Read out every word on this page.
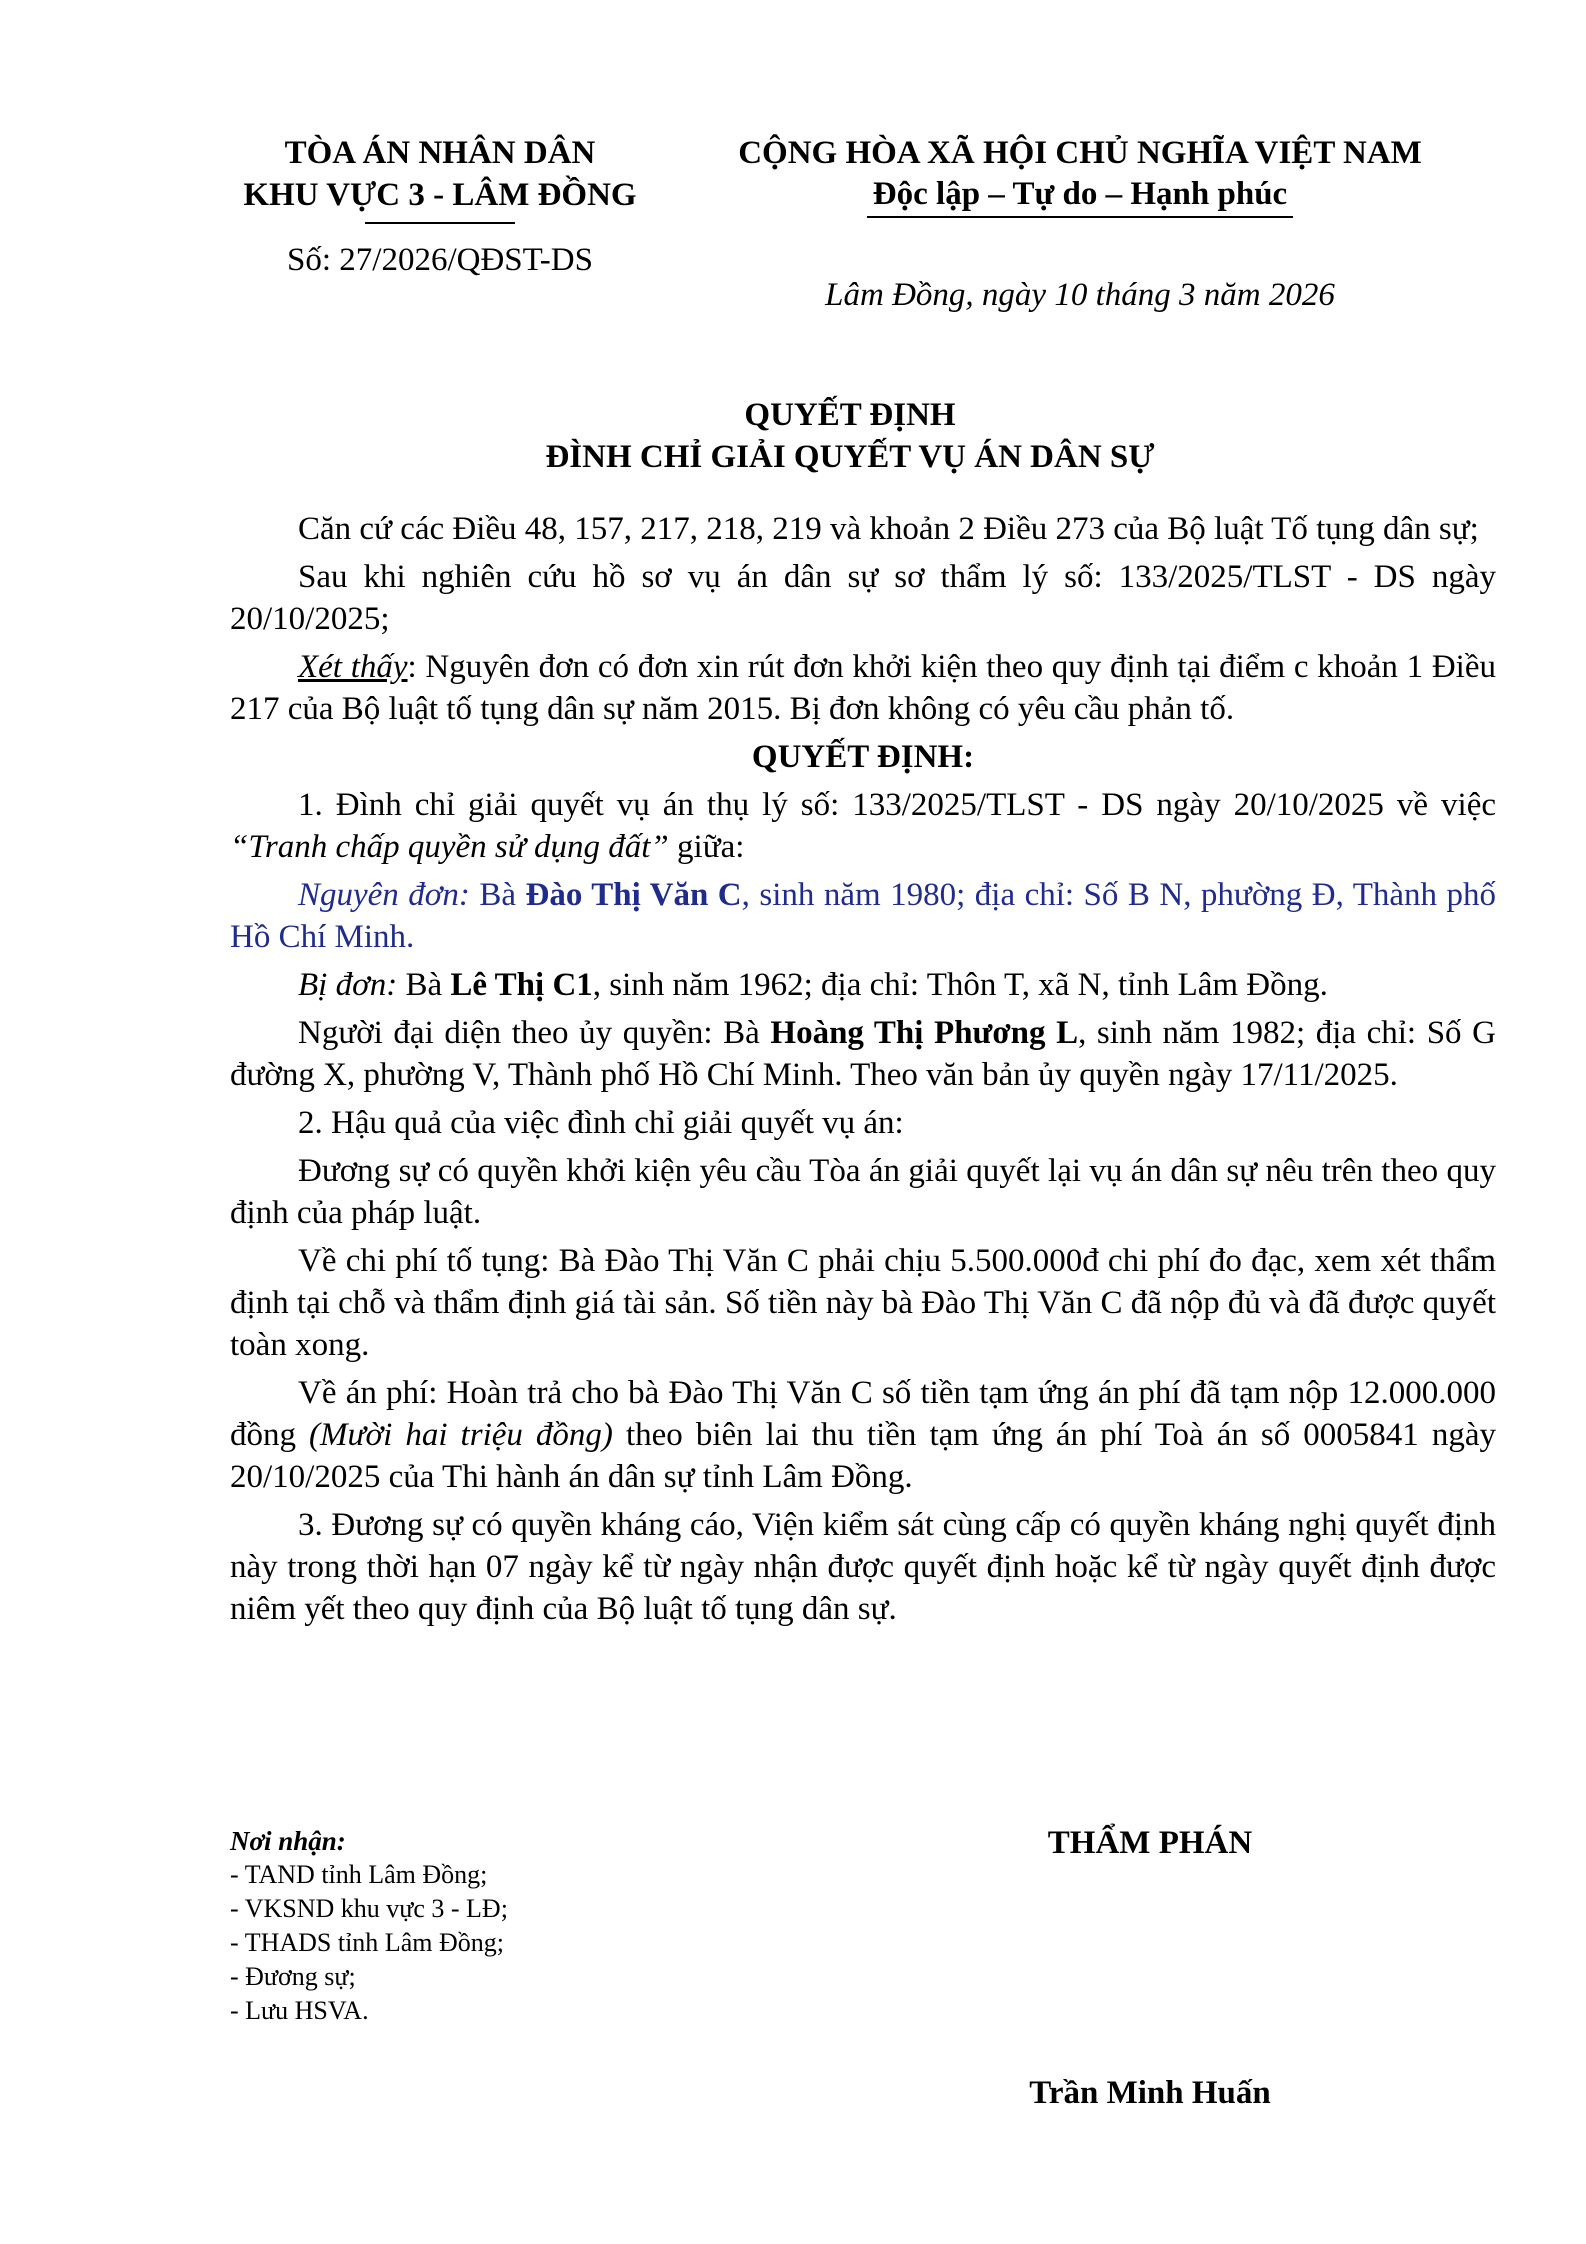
TÒA ÁN NHÂN DÂN
KHU VỰC 3 - LÂM ĐỒNG
Số: 27/2026/QĐST-DS
CỘNG HÒA XÃ HỘI CHỦ NGHĨA VIỆT NAM
Độc lập – Tự do – Hạnh phúc
Lâm Đồng, ngày 10 tháng 3 năm 2026
QUYẾT ĐỊNH
ĐÌNH CHỈ GIẢI QUYẾT VỤ ÁN DÂN SỰ

Căn cứ các Điều 48, 157, 217, 218, 219 và khoản 2 Điều 273 của Bộ luật Tố tụng dân sự;

Sau khi nghiên cứu hồ sơ vụ án dân sự sơ thẩm lý số: 133/2025/TLST - DS ngày 20/10/2025;

Xét thấy: Nguyên đơn có đơn xin rút đơn khởi kiện theo quy định tại điểm c khoản 1 Điều 217 của Bộ luật tố tụng dân sự năm 2015. Bị đơn không có yêu cầu phản tố.

QUYẾT ĐỊNH:

1. Đình chỉ giải quyết vụ án thụ lý số: 133/2025/TLST - DS ngày 20/10/2025 về việc “Tranh chấp quyền sử dụng đất” giữa:

Nguyên đơn: Bà Đào Thị Văn C, sinh năm 1980; địa chỉ: Số B N, phường Đ, Thành phố Hồ Chí Minh.

Bị đơn: Bà Lê Thị C1, sinh năm 1962; địa chỉ: Thôn T, xã N, tỉnh Lâm Đồng.

Người đại diện theo ủy quyền: Bà Hoàng Thị Phương L, sinh năm 1982; địa chỉ: Số G đường X, phường V, Thành phố Hồ Chí Minh. Theo văn bản ủy quyền ngày 17/11/2025.

2. Hậu quả của việc đình chỉ giải quyết vụ án:

Đương sự có quyền khởi kiện yêu cầu Tòa án giải quyết lại vụ án dân sự nêu trên theo quy định của pháp luật.

Về chi phí tố tụng: Bà Đào Thị Văn C phải chịu 5.500.000đ chi phí đo đạc, xem xét thẩm định tại chỗ và thẩm định giá tài sản. Số tiền này bà Đào Thị Văn C đã nộp đủ và đã được quyết toàn xong.

Về án phí: Hoàn trả cho bà Đào Thị Văn C số tiền tạm ứng án phí đã tạm nộp 12.000.000 đồng (Mười hai triệu đồng) theo biên lai thu tiền tạm ứng án phí Toà án số 0005841 ngày 20/10/2025 của Thi hành án dân sự tỉnh Lâm Đồng.

3. Đương sự có quyền kháng cáo, Viện kiểm sát cùng cấp có quyền kháng nghị quyết định này trong thời hạn 07 ngày kể từ ngày nhận được quyết định hoặc kể từ ngày quyết định được niêm yết theo quy định của Bộ luật tố tụng dân sự.

Nơi nhận:
- TAND tỉnh Lâm Đồng;
- VKSND khu vực 3 - LĐ;
- THADS tỉnh Lâm Đồng;
- Đương sự;
- Lưu HSVA.
THẨM PHÁN
Trần Minh Huấn
